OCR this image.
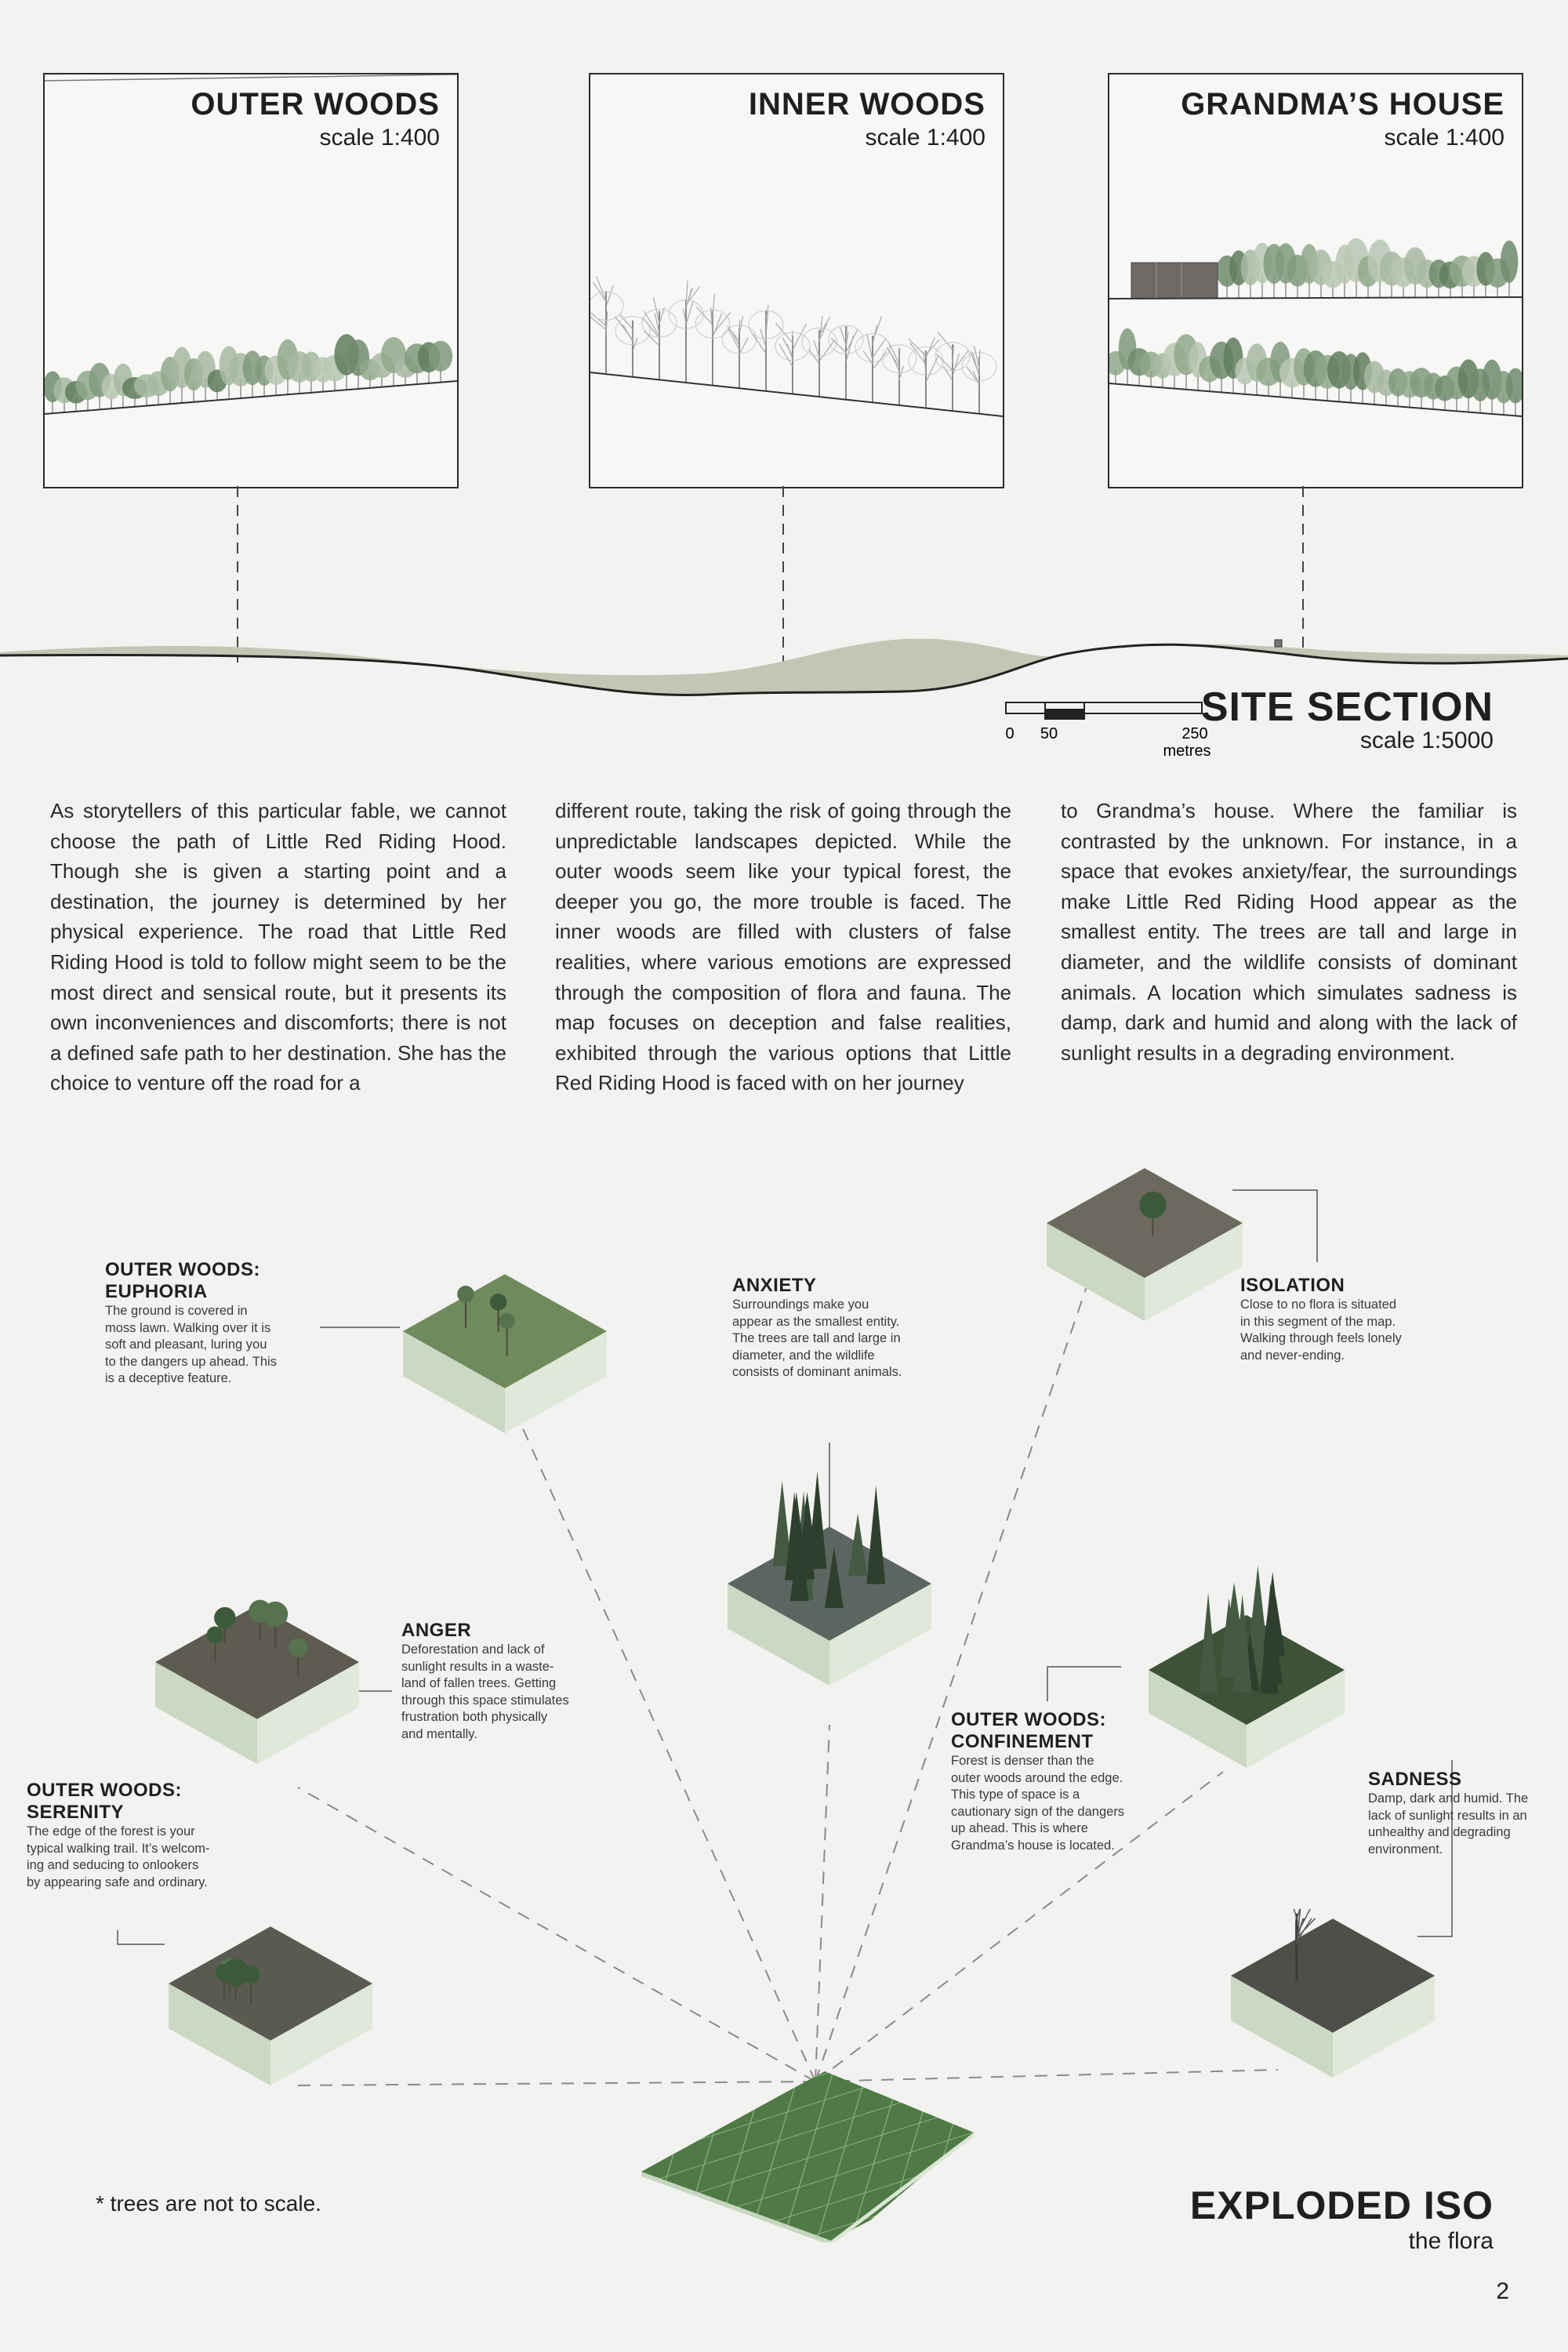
OUTER WOODS
scale 1:400
INNER WOODS
scale 1:400
GRANDMA’S HOUSE
scale 1:400
0 50	250
metres
SITE SECTION
scale 1:5000
As storytellers of this particular fable, we cannot choose the path of Little Red Riding Hood. Though she is given a starting point and a destination, the journey is determined by her physical experience. The road that Little Red Riding Hood is told to follow might seem to be the most direct and sensical route, but it presents its own inconveniences and discomforts; there is not a defined safe path to her destination. She has the choice to venture off the road for a
different route, taking the risk of going through the unpredictable landscapes depicted. While the outer woods seem like your typical forest, the deeper you go, the more trouble is faced. The inner woods are filled with clusters of false realities, where various emotions are expressed through the composition of flora and fauna. The map focuses on deception and false realities, exhibited through the various options that Little Red Riding Hood is faced with on her journey
to Grandma’s house. Where the familiar is contrasted by the unknown. For instance, in a space that evokes anxiety/fear, the surroundings make Little Red Riding Hood appear as the smallest entity. The trees are tall and large in diameter, and the wildlife consists of dominant animals. A location which simulates sadness is damp, dark and humid and along with the lack of sunlight results in a degrading environment.
OUTER WOODS:
EUPHORIA
The ground is covered in
moss lawn. Walking over it is
soft and pleasant, luring you
to the dangers up ahead. This
is a deceptive feature.
ANXIETY
Surroundings make you
appear as the smallest entity.
The trees are tall and large in
diameter, and the wildlife
consists of dominant animals.
ISOLATION
Close to no flora is situated
in this segment of the map.
Walking through feels lonely
and never-ending.
ANGER
Deforestation and lack of
sunlight results in a waste-
land of fallen trees. Getting
through this space stimulates
frustration both physically
and mentally.
OUTER WOODS:
CONFINEMENT
Forest is denser than the
outer woods around the edge.
This type of space is a
cautionary sign of the dangers
up ahead. This is where
Grandma’s house is located.
SADNESS
Damp, dark and humid. The
lack of sunlight results in an
unhealthy and degrading
environment.
OUTER WOODS:
SERENITY
The edge of the forest is your
typical walking trail. It’s welcom-
ing and seducing to onlookers
by appearing safe and ordinary.
* trees are not to scale.	EXPLODED ISO
the flora
2
